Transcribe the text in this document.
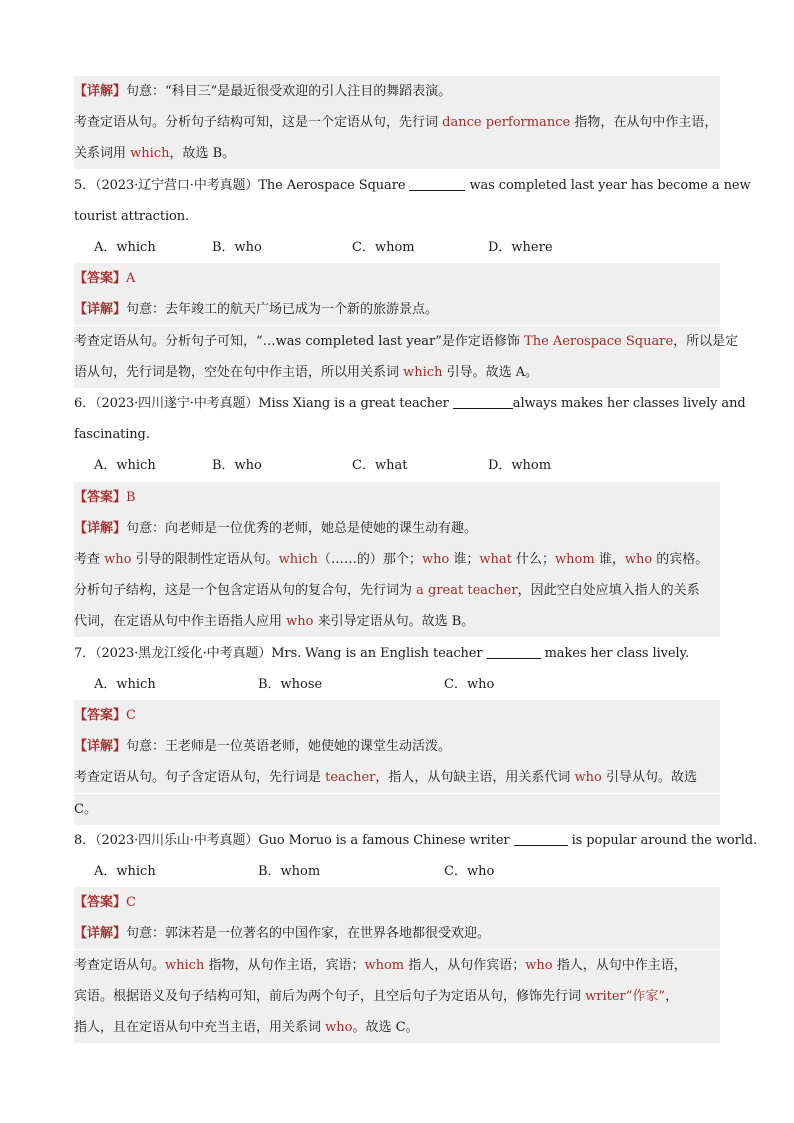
【详解】句意：“科目三”是最近很受欢迎的引人注目的舞蹈表演。
考查定语从句。分析句子结构可知，这是一个定语从句，先行词 dance performance 指物，在从句中作主语，
关系词用 which，故选 B。
5．（2023·辽宁营口·中考真题）The Aerospace Square	was completed last year has become a new
tourist attraction.
A．which	B．who	C．whom	D．where
【答案】A
【详解】句意：去年竣工的航天广场已成为一个新的旅游景点。
考查定语从句。分析句子可知，“…was completed last year”是作定语修饰 The Aerospace Square，所以是定
语从句，先行词是物，空处在句中作主语，所以用关系词 which 引导。故选 A。
6．（2023·四川遂宁·中考真题）Miss Xiang is a great teacher	always makes her classes lively and
fascinating.
A．which	B．who	C．what	D．whom
【答案】B
【详解】句意：向老师是一位优秀的老师，她总是使她的课生动有趣。
考查 who 引导的限制性定语从句。which（……的）那个；who 谁；what 什么；whom 谁，who 的宾格。
分析句子结构，这是一个包含定语从句的复合句，先行词为 a great teacher，因此空白处应填入指人的关系
代词，在定语从句中作主语指人应用 who 来引导定语从句。故选 B。
7．（2023·黑龙江绥化·中考真题）Mrs. Wang is an English teacher	makes her class lively.
A．which	B．whose	C．who
【答案】C
【详解】句意：王老师是一位英语老师，她使她的课堂生动活泼。
考查定语从句。句子含定语从句，先行词是 teacher，指人，从句缺主语，用关系代词 who 引导从句。故选
C。
8．（2023·四川乐山·中考真题）Guo Moruo is a famous Chinese writer	is popular around the world.
A．which	B．whom	C．who
【答案】C
【详解】句意：郭沫若是一位著名的中国作家，在世界各地都很受欢迎。
考查定语从句。which 指物，从句作主语，宾语；whom 指人，从句作宾语；who 指人，从句中作主语，
宾语。根据语义及句子结构可知，前后为两个句子，且空后句子为定语从句，修饰先行词 writer“作家”，
指人，且在定语从句中充当主语，用关系词 who。故选 C。
